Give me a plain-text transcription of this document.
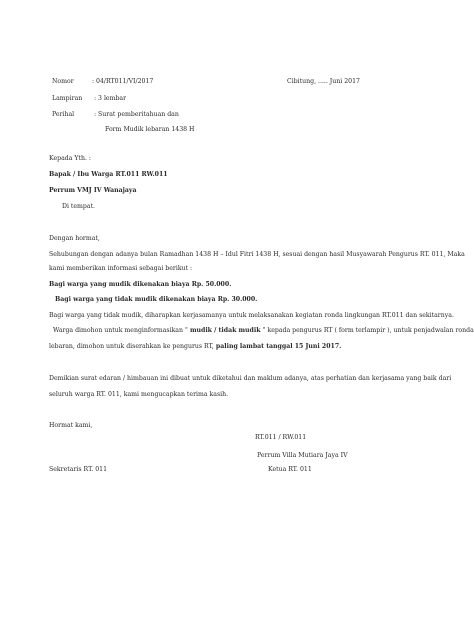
Nomor	: 04/RT011/VI/2017	Cibitung, ..... Juni 2017
Lampiran : 3 lembar
Perihal	: Surat pemberitahuan dan
Form Mudik lebaran 1438 H
Kepada Yth. :
Bapak / Ibu Warga RT.011 RW.011
Perrum VMJ IV Wanajaya
Di tempat.
Dengan hormat,
Sehubungan dengan adanya bulan Ramadhan 1438 H – Idul Fitri 1438 H, sesuai dengan hasil Musyawarah Pengurus RT. 011, Maka
kami memberikan informasi sebagai berikut :
Bagi warga yang mudik dikenakan biaya Rp. 50.000.
Bagi warga yang tidak mudik dikenakan biaya Rp. 30.000.
Bagi warga yang tidak mudik, diharapkan kerjasamanya untuk melaksanakan kegiatan ronda lingkungan RT.011 dan sekitarnya.
Warga dimohon untuk menginformasikan " mudik / tidak mudik " kepada pengurus RT ( form terlampir ), untuk penjadwalan ronda
lebaran, dimohon untuk diserahkan ke pengurus RT, paling lambat tanggal 15 Juni 2017.
Demikian surat edaran / himbauan ini dibuat untuk diketahui dan maklum adanya, atas perhatian dan kerjasama yang baik dari
seluruh warga RT. 011, kami mengucapkan terima kasih.
Hormat kami,
RT.011 / RW.011
Perrum Villa Mutiara Jaya IV
Sekretaris RT. 011	Ketua RT. 011
